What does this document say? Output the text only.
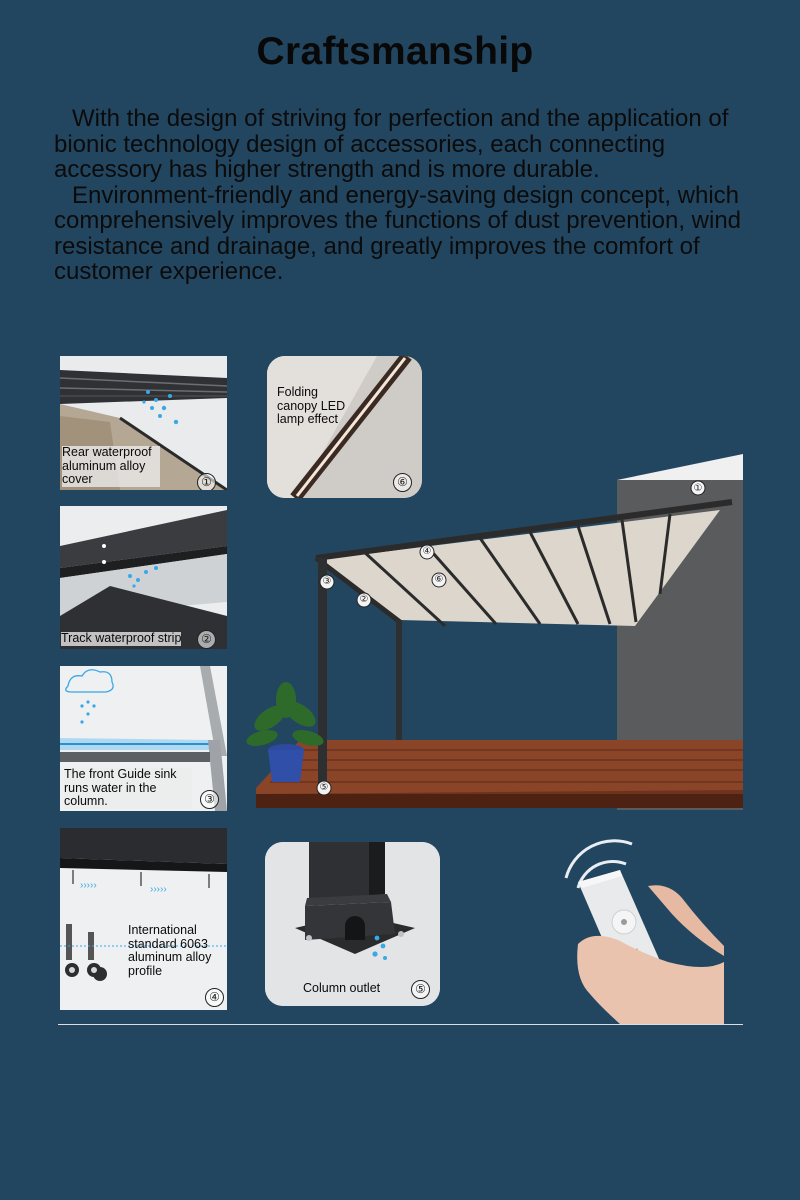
Craftsmanship

With the design of striving for perfection and the application of bionic technology design of accessories, each connecting accessory has higher strength and is more durable.

Environment-friendly and energy-saving design concept, which comprehensively improves the functions of dust prevention, wind resistance and drainage, and greatly improves the comfort of customer experience.

Rear waterproof aluminum alloy cover	①
Track waterproof strip	②
The front Guide sink runs water in the column.	③
›››››	›››››
International standard 6063 aluminum alloy profile
④
Folding canopy LED lamp effect
⑥
Column outlet	⑤
①
②
③
④
⑤
⑥
